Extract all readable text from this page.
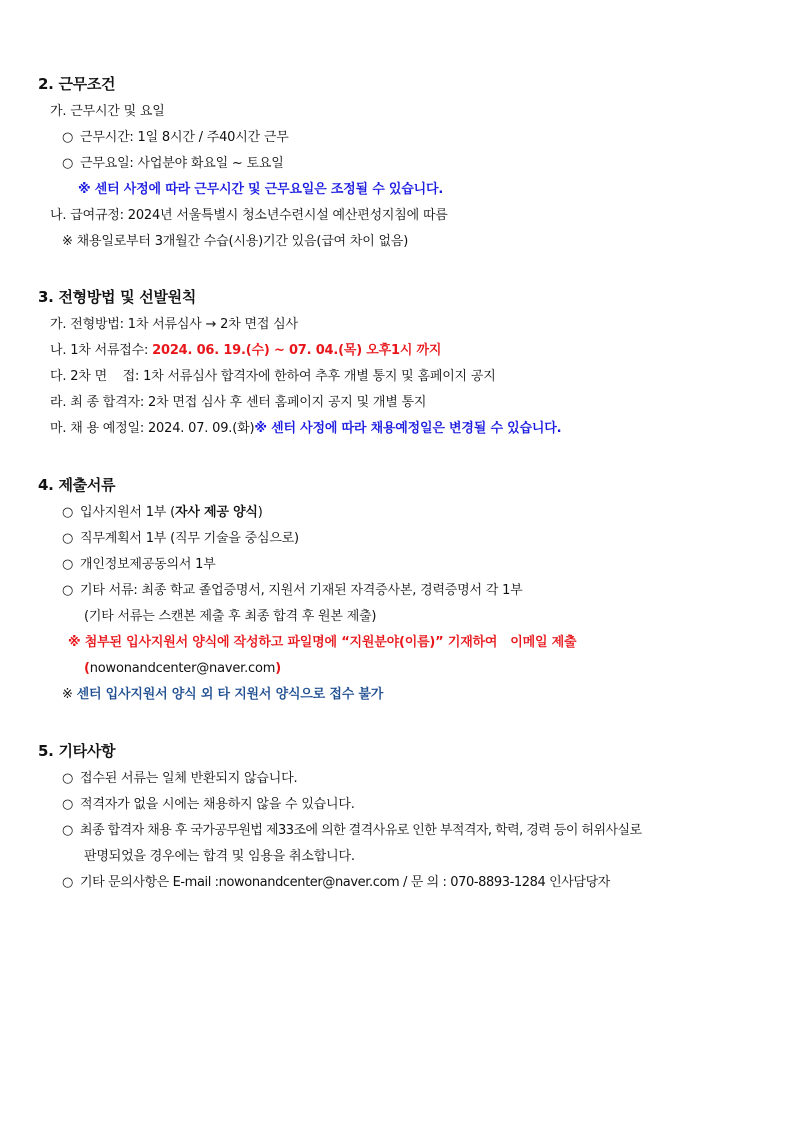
2. 근무조건
가. 근무시간 및 요일
○ 근무시간: 1일 8시간 / 주40시간 근무
○ 근무요일: 사업분야 화요일 ~ 토요일
※ 센터 사정에 따라 근무시간 및 근무요일은 조정될 수 있습니다.
나. 급여규정: 2024년 서울특별시 청소년수련시설 예산편성지침에 따름
※ 채용일로부터 3개월간 수습(시용)기간 있음(급여 차이 없음)
3. 전형방법 및 선발원칙
가. 전형방법: 1차 서류심사 → 2차 면접 심사
나. 1차 서류접수: 2024. 06. 19.(수) ~ 07. 04.(목) 오후1시 까지
다. 2차 면    접: 1차 서류심사 합격자에 한하여 추후 개별 통지 및 홈페이지 공지
라. 최 종 합격자: 2차 면접 심사 후 센터 홈페이지 공지 및 개별 통지
마. 채 용 예정일: 2024. 07. 09.(화)※ 센터 사정에 따라 채용예정일은 변경될 수 있습니다.
4. 제출서류
○ 입사지원서 1부 (자사 제공 양식)
○ 직무계획서 1부 (직무 기술을 중심으로)
○ 개인정보제공동의서 1부
○ 기타 서류: 최종 학교 졸업증명서, 지원서 기재된 자격증사본, 경력증명서 각 1부
(기타 서류는 스캔본 제출 후 최종 합격 후 원본 제출)
※ 첨부된 입사지원서 양식에 작성하고 파일명에 “지원분야(이름)” 기재하여   이메일 제출
(nowonandcenter@naver.com)
※ 센터 입사지원서 양식 외 타 지원서 양식으로 접수 불가
5. 기타사항
○ 접수된 서류는 일체 반환되지 않습니다.
○ 적격자가 없을 시에는 채용하지 않을 수 있습니다.
○ 최종 합격자 채용 후 국가공무원법 제33조에 의한 결격사유로 인한 부적격자, 학력, 경력 등이 허위사실로
판명되었을 경우에는 합격 및 임용을 취소합니다.
○ 기타 문의사항은 E-mail :nowonandcenter@naver.com / 문 의 : 070-8893-1284 인사담당자
